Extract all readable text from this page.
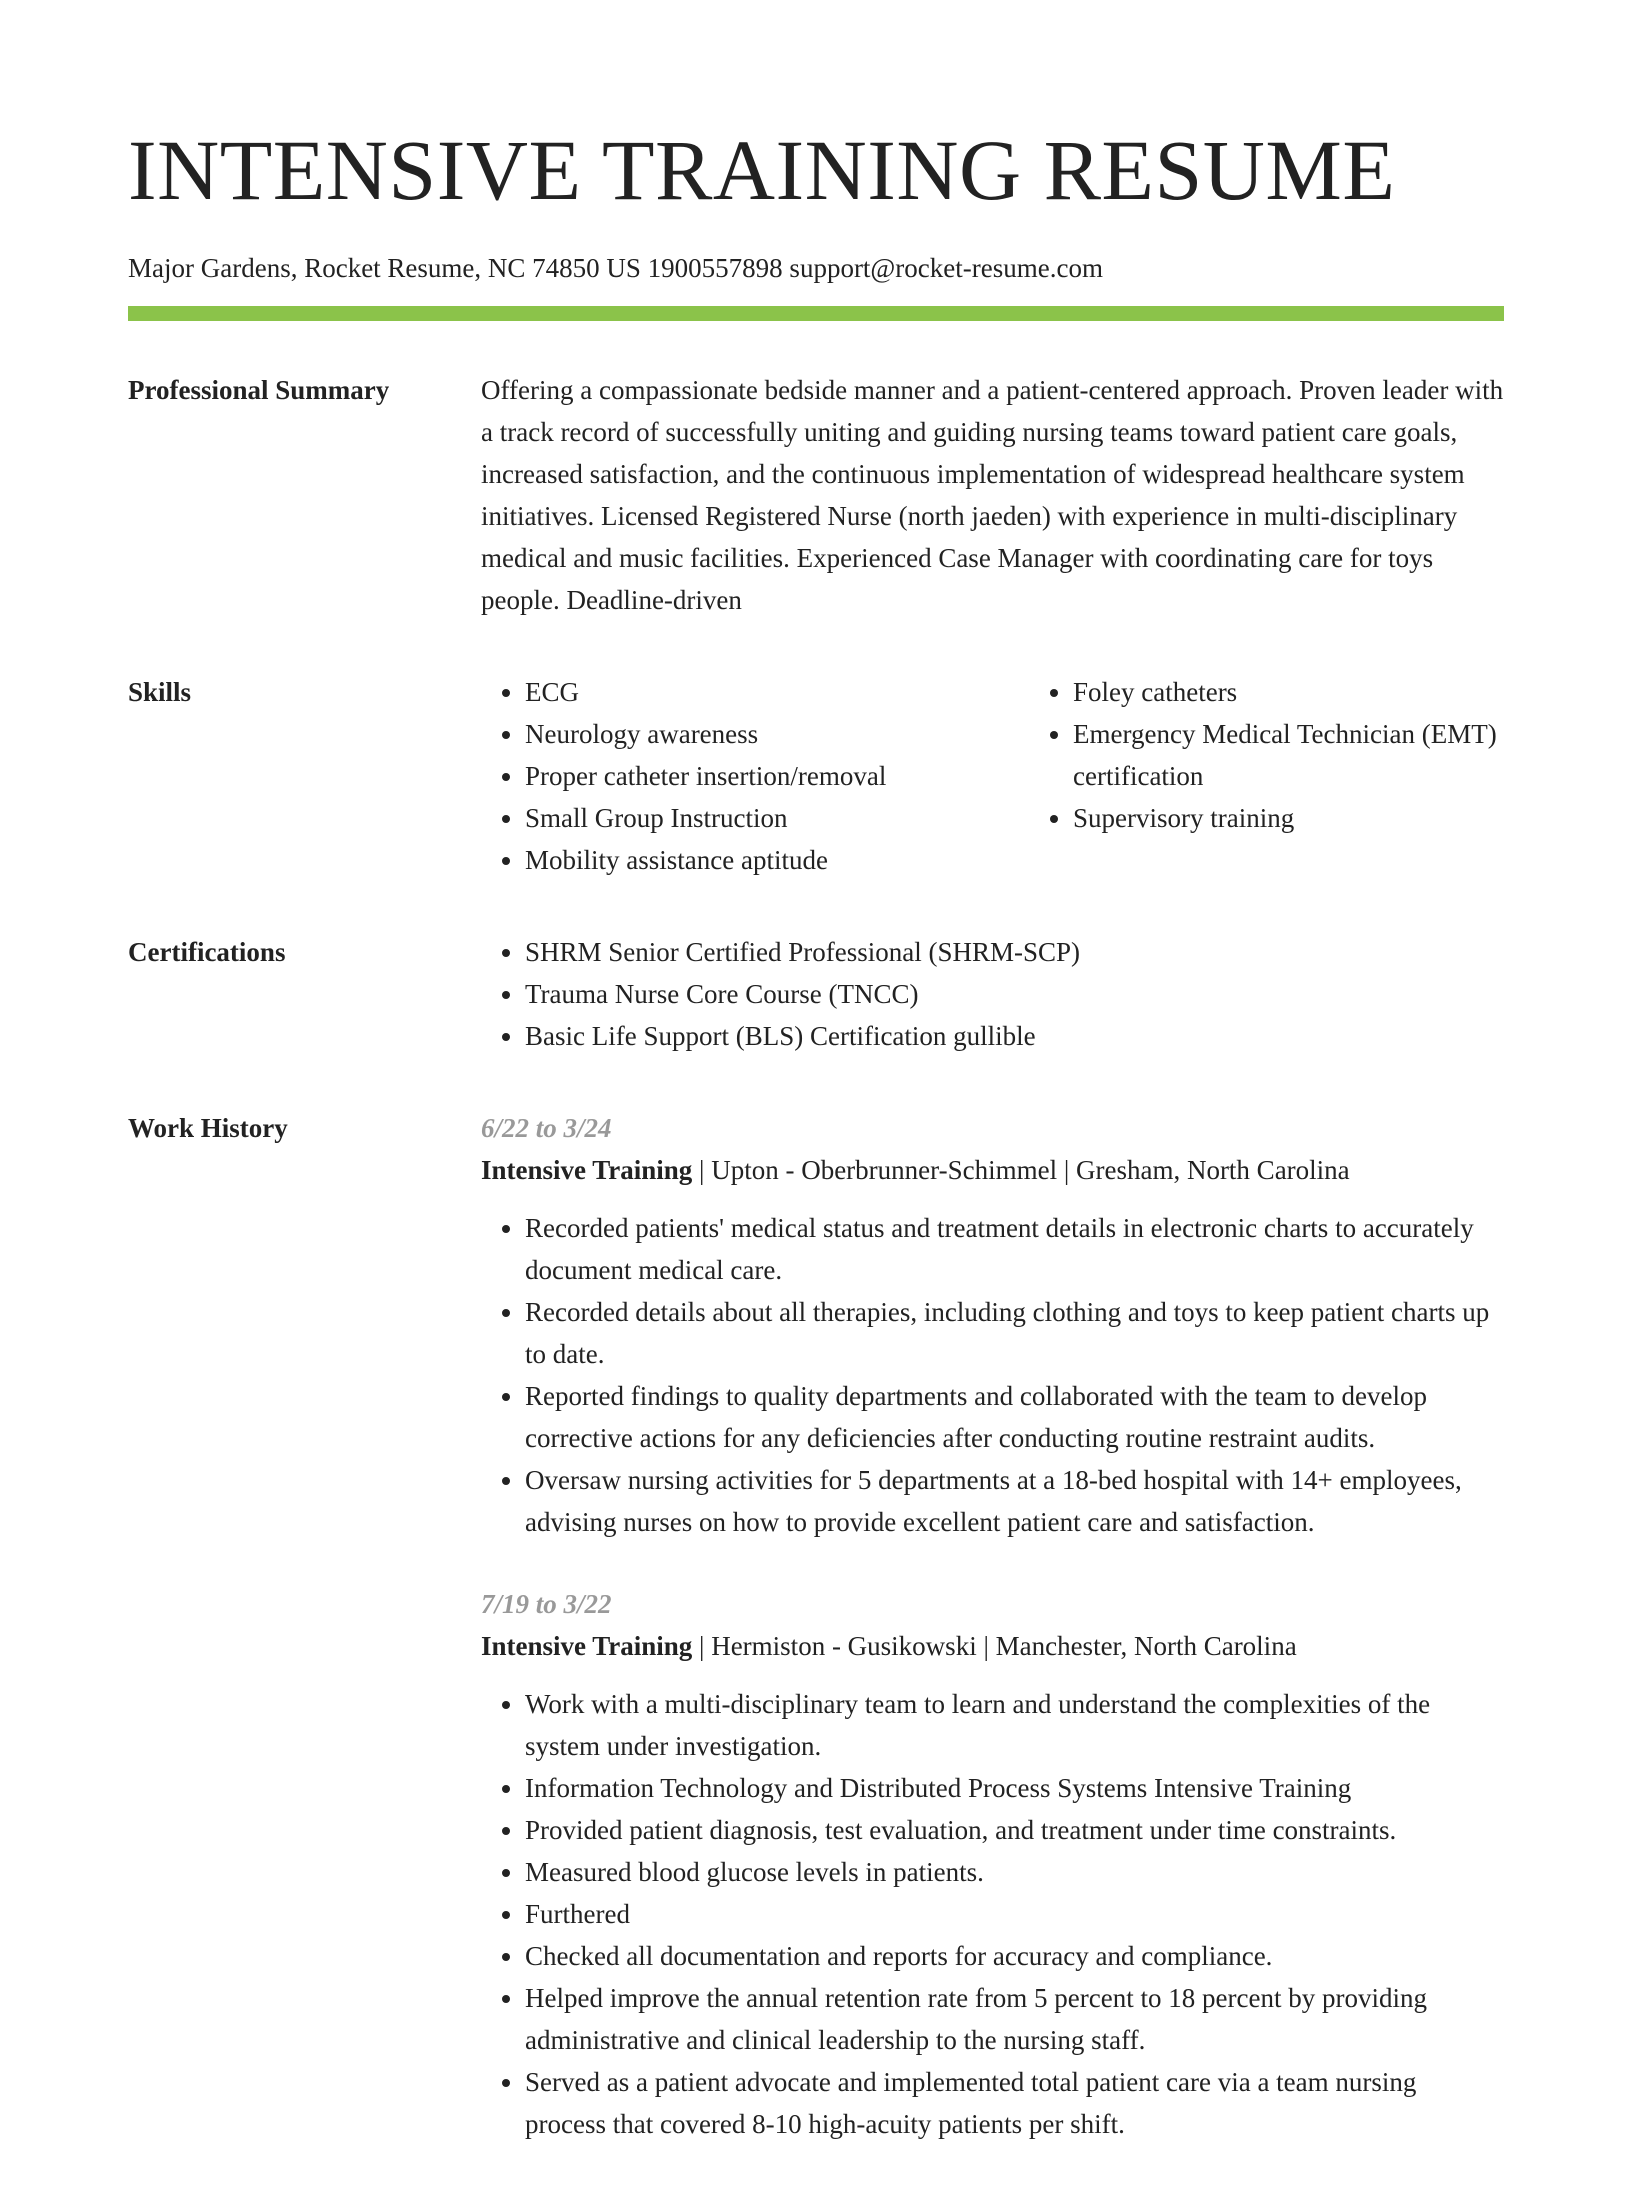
INTENSIVE TRAINING RESUME
Major Gardens, Rocket Resume, NC 74850 US 1900557898 support@rocket-resume.com
Professional Summary	Offering a compassionate bedside manner and a patient-centered approach. Proven leader with a track record of successfully uniting and guiding nursing teams toward patient care goals, increased satisfaction, and the continuous implementation of widespread healthcare system initiatives. Licensed Registered Nurse (north jaeden) with experience in multi-disciplinary medical and music facilities. Experienced Case Manager with coordinating care for toys people. Deadline-driven

Skills	• ECG
• Neurology awareness
• Proper catheter insertion/removal
• Small Group Instruction
• Mobility assistance aptitude
• Foley catheters
• Emergency Medical Technician (EMT) certification
• Supervisory training
Certifications	• SHRM Senior Certified Professional (SHRM-SCP)
• Trauma Nurse Core Course (TNCC)
• Basic Life Support (BLS) Certification gullible
Work History	6/22 to 3/24
Intensive Training | Upton - Oberbrunner-Schimmel | Gresham, North Carolina
• Recorded patients' medical status and treatment details in electronic charts to accurately document medical care.
• Recorded details about all therapies, including clothing and toys to keep patient charts up to date.
• Reported findings to quality departments and collaborated with the team to develop corrective actions for any deficiencies after conducting routine restraint audits.
• Oversaw nursing activities for 5 departments at a 18-bed hospital with 14+ employees, advising nurses on how to provide excellent patient care and satisfaction.
7/19 to 3/22
Intensive Training | Hermiston - Gusikowski | Manchester, North Carolina
• Work with a multi-disciplinary team to learn and understand the complexities of the system under investigation.
• Information Technology and Distributed Process Systems Intensive Training
• Provided patient diagnosis, test evaluation, and treatment under time constraints.
• Measured blood glucose levels in patients.
• Furthered
• Checked all documentation and reports for accuracy and compliance.
• Helped improve the annual retention rate from 5 percent to 18 percent by providing administrative and clinical leadership to the nursing staff.
• Served as a patient advocate and implemented total patient care via a team nursing process that covered 8-10 high-acuity patients per shift.
